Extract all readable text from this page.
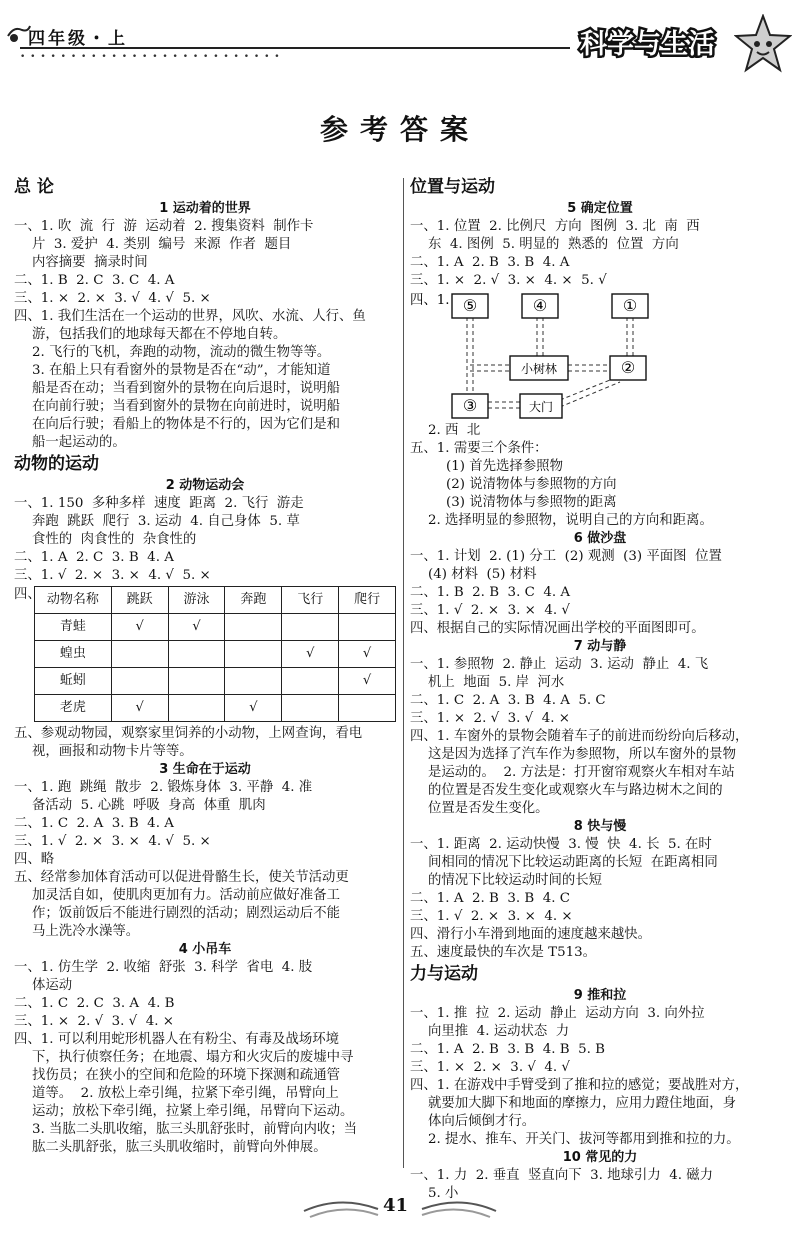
四年级・上
• • • • • • • • • • • • • • • • • • • • • • • • • •	科学与生活
参考答案
总 论
1 运动着的世界
一、1. 吹  流  行  游  运动着  2. 搜集资料  制作卡
片  3. 爱护  4. 类别  编号  来源  作者  题目
内容摘要  摘录时间
二、1. B  2. C  3. C  4. A
三、1. ×  2. ×  3. √  4. √  5. ×
四、1. 我们生活在一个运动的世界，风吹、水流、人行、鱼
游，包括我们的地球每天都在不停地自转。
2. 飞行的飞机，奔跑的动物，流动的微生物等等。
3. 在船上只有看窗外的景物是否在“动”，才能知道
船是否在动；当看到窗外的景物在向后退时，说明船
在向前行驶；当看到窗外的景物在向前进时，说明船
在向后行驶；看船上的物体是不行的，因为它们是和
船一起运动的。
动物的运动
2 动物运动会
一、1. 150  多种多样  速度  距离  2. 飞行  游走
奔跑  跳跃  爬行  3. 运动  4. 自己身体  5. 草
食性的  肉食性的  杂食性的
二、1. A  2. C  3. B  4. A
三、1. √  2. ×  3. ×  4. √  5. ×
四、 动物名称	跳跃	游泳	奔跑	飞行	爬行
青蛙	√	√			
蝗虫				√	√
蚯蚓					√
老虎	√		√		
五、参观动物园，观察家里饲养的小动物，上网查询，看电
视，画报和动物卡片等等。
3 生命在于运动
一、1. 跑  跳绳  散步  2. 锻炼身体  3. 平静  4. 准
备活动  5. 心跳  呼吸  身高  体重  肌肉
二、1. C  2. A  3. B  4. A
三、1. √  2. ×  3. ×  4. √  5. ×
四、略
五、经常参加体育活动可以促进骨骼生长，使关节活动更
加灵活自如，使肌肉更加有力。活动前应做好准备工
作；饭前饭后不能进行剧烈的活动；剧烈运动后不能
马上洗冷水澡等。
4 小吊车
一、1. 仿生学  2. 收缩  舒张  3. 科学  省电  4. 肢
体运动
二、1. C  2. C  3. A  4. B
三、1. ×  2. √  3. √  4. ×
四、1. 可以利用蛇形机器人在有粉尘、有毒及战场环境
下，执行侦察任务；在地震、塌方和火灾后的废墟中寻
找伤员；在狭小的空间和危险的环境下探测和疏通管
道等。  2. 放松上牵引绳，拉紧下牵引绳，吊臂向上
运动；放松下牵引绳，拉紧上牵引绳，吊臂向下运动。
3. 当肱二头肌收缩，肱三头肌舒张时，前臂向内收；当
肱二头肌舒张，肱三头肌收缩时，前臂向外伸展。
位置与运动
5 确定位置
一、1. 位置  2. 比例尺  方向  图例  3. 北  南  西
东  4. 图例  5. 明显的  熟悉的  位置  方向
二、1. A  2. B  3. B  4. A
三、1. ×  2. √  3. ×  4. ×  5. √
四、1. ⑤	④	①
小树林	②
③	大门
2. 西  北
五、1. 需要三个条件：
(1) 首先选择参照物
(2) 说清物体与参照物的方向
(3) 说清物体与参照物的距离
2. 选择明显的参照物，说明自己的方向和距离。
6 做沙盘
一、1. 计划  2. (1) 分工  (2) 观测  (3) 平面图  位置
(4) 材料  (5) 材料
二、1. B  2. B  3. C  4. A
三、1. √  2. ×  3. ×  4. √
四、根据自己的实际情况画出学校的平面图即可。
7 动与静
一、1. 参照物  2. 静止  运动  3. 运动  静止  4. 飞
机上  地面  5. 岸  河水
二、1. C  2. A  3. B  4. A  5. C
三、1. ×  2. √  3. √  4. ×
四、1. 车窗外的景物会随着车子的前进而纷纷向后移动，
这是因为选择了汽车作为参照物，所以车窗外的景物
是运动的。  2. 方法是：打开窗帘观察火车相对车站
的位置是否发生变化或观察火车与路边树木之间的
位置是否发生变化。
8 快与慢
一、1. 距离  2. 运动快慢  3. 慢  快  4. 长  5. 在时
间相同的情况下比较运动距离的长短  在距离相同
的情况下比较运动时间的长短
二、1. A  2. B  3. B  4. C
三、1. √  2. ×  3. ×  4. ×
四、滑行小车滑到地面的速度越来越快。
五、速度最快的车次是 T513。
力与运动
9 推和拉
一、1. 推  拉  2. 运动  静止  运动方向  3. 向外拉
向里推  4. 运动状态  力
二、1. A  2. B  3. B  4. B  5. B
三、1. ×  2. ×  3. √  4. √
四、1. 在游戏中手臂受到了推和拉的感觉；要战胜对方，
就要加大脚下和地面的摩擦力，应用力蹬住地面，身
体向后倾倒才行。
2. 提水、推车、开关门、拔河等都用到推和拉的力。
10 常见的力
一、1. 力  2. 垂直  竖直向下  3. 地球引力  4. 磁力
5. 小
41
